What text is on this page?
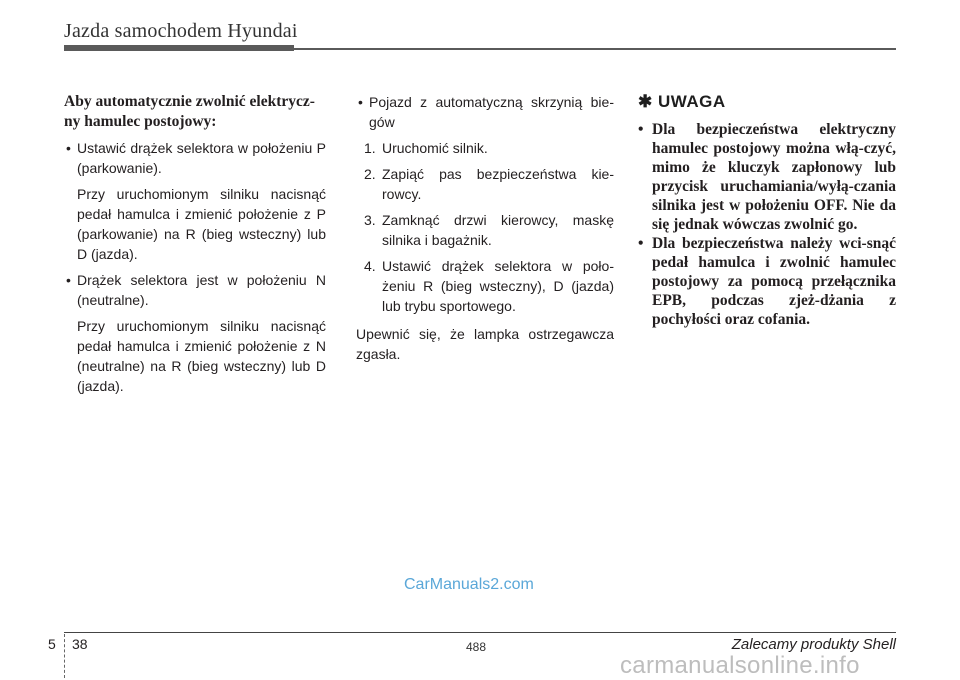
Jazda samochodem Hyundai
Aby automatycznie zwolnić elektrycz-
ny hamulec postojowy:

• Ustawić drążek selektora w położeniu P (parkowanie).

Przy uruchomionym silniku nacisnąć pedał hamulca i zmienić położenie z P (parkowanie) na R (bieg wsteczny) lub D (jazda).

• Drążek selektora jest w położeniu N (neutralne).

Przy uruchomionym silniku nacisnąć pedał hamulca i zmienić położenie z N (neutralne) na R (bieg wsteczny) lub D (jazda).

• Pojazd z automatyczną skrzynią bie-gów

1. Uruchomić silnik.
2. Zapiąć pas bezpieczeństwa kie-rowcy.
3. Zamknąć drzwi kierowcy, maskę silnika i bagażnik.
4. Ustawić drążek selektora w poło-żeniu R (bieg wsteczny), D (jazda) lub trybu sportowego.

Upewnić się, że lampka ostrzegawcza zgasła.

✱ UWAGA

• Dla bezpieczeństwa elektryczny hamulec postojowy można włą-czyć, mimo że kluczyk zapłonowy lub przycisk uruchamiania/wyłą-czania silnika jest w położeniu OFF. Nie da się jednak wówczas zwolnić go.

• Dla bezpieczeństwa należy wci-snąć pedał hamulca i zwolnić hamulec postojowy za pomocą przełącznika EPB, podczas zjeż-dżania z pochyłości oraz cofania.

CarManuals2.com
5 38	488	Zalecamy produkty Shell
carmanualsonline.info
